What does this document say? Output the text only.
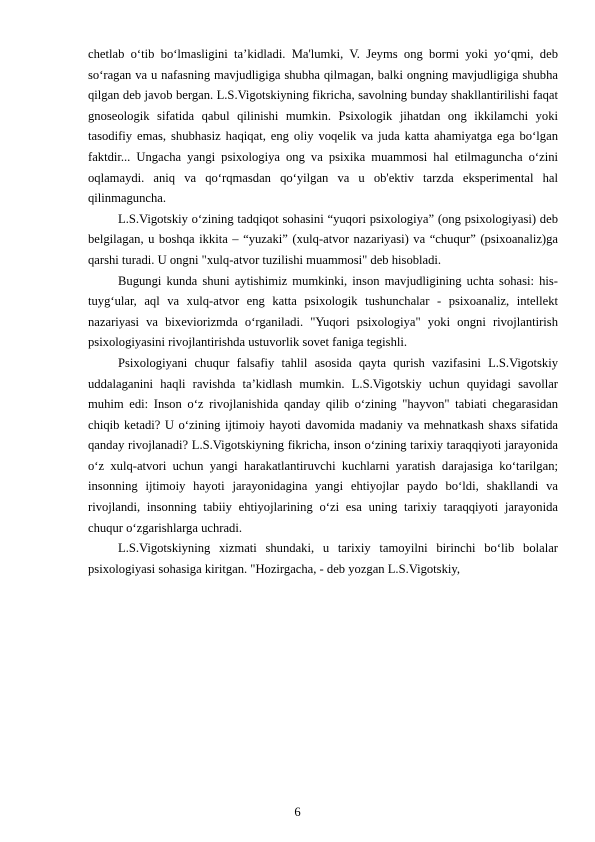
chetlab o‘tib bo‘lmasligini ta’kidladi. Ma'lumki, V. Jeyms ong bormi yoki yo‘qmi, deb so‘ragan va u nafasning mavjudligiga shubha qilmagan, balki ongning mavjudligiga shubha qilgan deb javob bergan. L.S.Vigotskiyning fikricha, savolning bunday shakllantirilishi faqat gnoseologik sifatida qabul qilinishi mumkin. Psixologik jihatdan ong ikkilamchi yoki tasodifiy emas, shubhasiz haqiqat, eng oliy voqelik va juda katta ahamiyatga ega bo‘lgan faktdir... Ungacha yangi psixologiya ong va psixika muammosi hal etilmaguncha o‘zini oqlamaydi. aniq va qo‘rqmasdan qo‘yilgan va u ob'ektiv tarzda eksperimental hal qilinmaguncha.

L.S.Vigotskiy o‘zining tadqiqot sohasini “yuqori psixologiya” (ong psixologiyasi) deb belgilagan, u boshqa ikkita – “yuzaki” (xulq-atvor nazariyasi) va “chuqur” (psixoanaliz)ga qarshi turadi. U ongni "xulq-atvor tuzilishi muammosi" deb hisobladi.

Bugungi kunda shuni aytishimiz mumkinki, inson mavjudligining uchta sohasi: his-tuyg‘ular, aql va xulq-atvor eng katta psixologik tushunchalar - psixoanaliz, intellekt nazariyasi va bixeviorizmda o‘rganiladi. "Yuqori psixologiya" yoki ongni rivojlantirish psixologiyasini rivojlantirishda ustuvorlik sovet faniga tegishli.

Psixologiyani chuqur falsafiy tahlil asosida qayta qurish vazifasini L.S.Vigotskiy uddalaganini haqli ravishda ta’kidlash mumkin. L.S.Vigotskiy uchun quyidagi savollar muhim edi: Inson o‘z rivojlanishida qanday qilib o‘zining "hayvon" tabiati chegarasidan chiqib ketadi? U o‘zining ijtimoiy hayoti davomida madaniy va mehnatkash shaxs sifatida qanday rivojlanadi? L.S.Vigotskiyning fikricha, inson o‘zining tarixiy taraqqiyoti jarayonida o‘z xulq-atvori uchun yangi harakatlantiruvchi kuchlarni yaratish darajasiga ko‘tarilgan; insonning ijtimoiy hayoti jarayonidagina yangi ehtiyojlar paydo bo‘ldi, shakllandi va rivojlandi, insonning tabiiy ehtiyojlarining o‘zi esa uning tarixiy taraqqiyoti jarayonida chuqur o‘zgarishlarga uchradi.

L.S.Vigotskiyning xizmati shundaki, u tarixiy tamoyilni birinchi bo‘lib bolalar psixologiyasi sohasiga kiritgan. "Hozirgacha, - deb yozgan L.S.Vigotskiy,

6
